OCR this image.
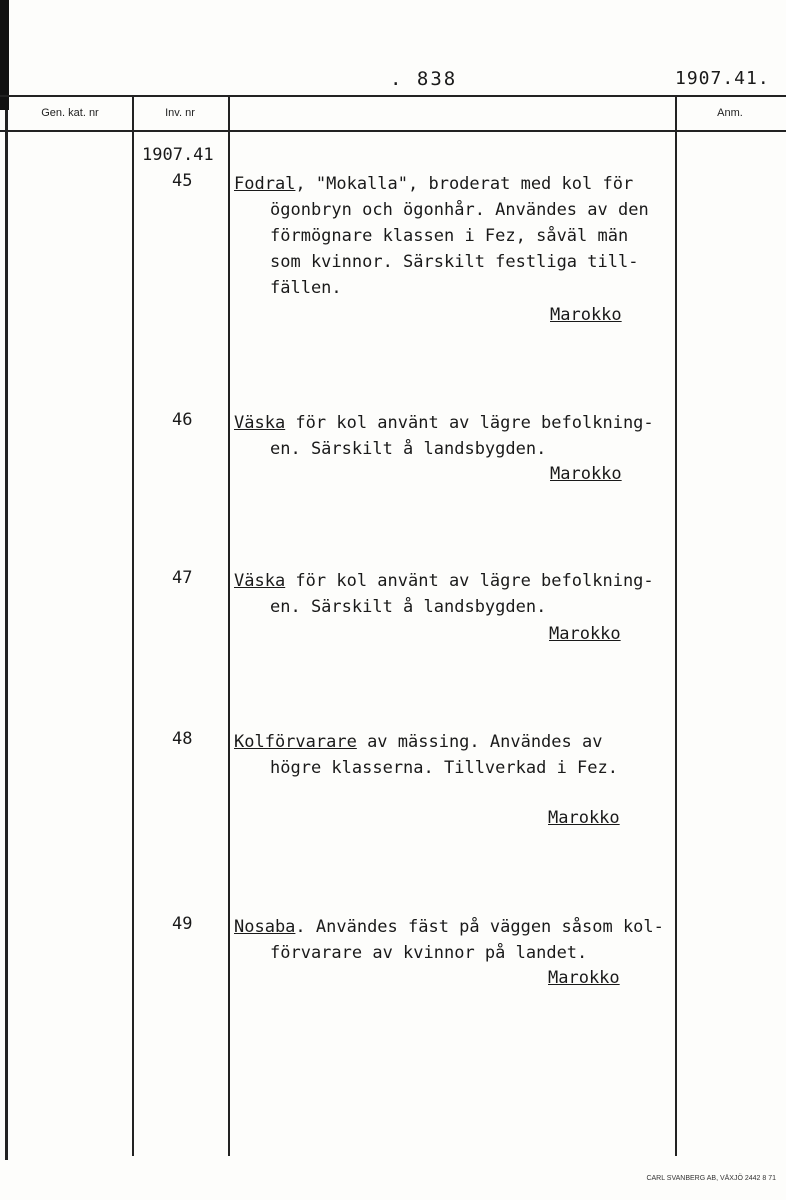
. 838	1907.41.
Gen. kat. nr	Inv. nr	Anm.
1907.41
45 Fodral, "Mokalla", broderat med kol för
ögonbryn och ögonhår. Användes av den
förmögnare klassen i Fez, såväl män
som kvinnor. Särskilt festliga till-
fällen.
Marokko
46 Väska för kol använt av lägre befolkning-
en. Särskilt å landsbygden.
Marokko
47 Väska för kol använt av lägre befolkning-
en. Särskilt å landsbygden.
Marokko
48 Kolförvarare av mässing. Användes av
högre klasserna. Tillverkad i Fez.
Marokko
49 Nosaba. Användes fäst på väggen såsom kol-
förvarare av kvinnor på landet.
Marokko
CARL SVANBERG AB, VÄXJÖ 2442 8 71
